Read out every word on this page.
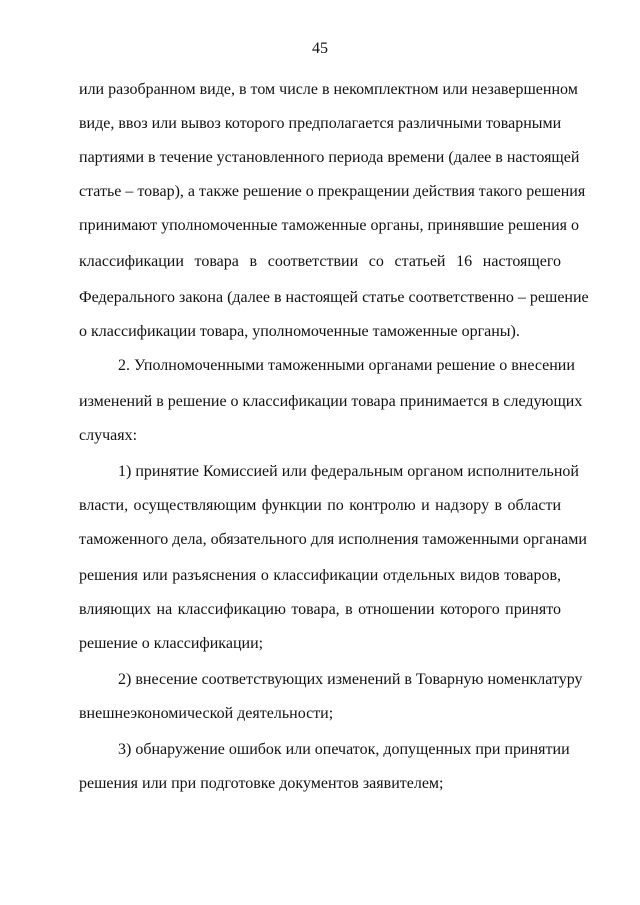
45
или разобранном виде, в том числе в некомплектном или незавершенном
виде, ввоз или вывоз которого предполагается различными товарными
партиями в течение установленного периода времени (далее в настоящей
статье – товар), а также решение о прекращении действия такого решения
принимают уполномоченные таможенные органы, принявшие решения о
классификации товара в соответствии со статьей 16 настоящего
Федерального закона (далее в настоящей статье соответственно – решение
о классификации товара, уполномоченные таможенные органы).
2. Уполномоченными таможенными органами решение о внесении
изменений в решение о классификации товара принимается в следующих
случаях:
1) принятие Комиссией или федеральным органом исполнительной
власти, осуществляющим функции по контролю и надзору в области
таможенного дела, обязательного для исполнения таможенными органами
решения или разъяснения о классификации отдельных видов товаров,
влияющих на классификацию товара, в отношении которого принято
решение о классификации;
2) внесение соответствующих изменений в Товарную номенклатуру
внешнеэкономической деятельности;
3) обнаружение ошибок или опечаток, допущенных при принятии
решения или при подготовке документов заявителем;
